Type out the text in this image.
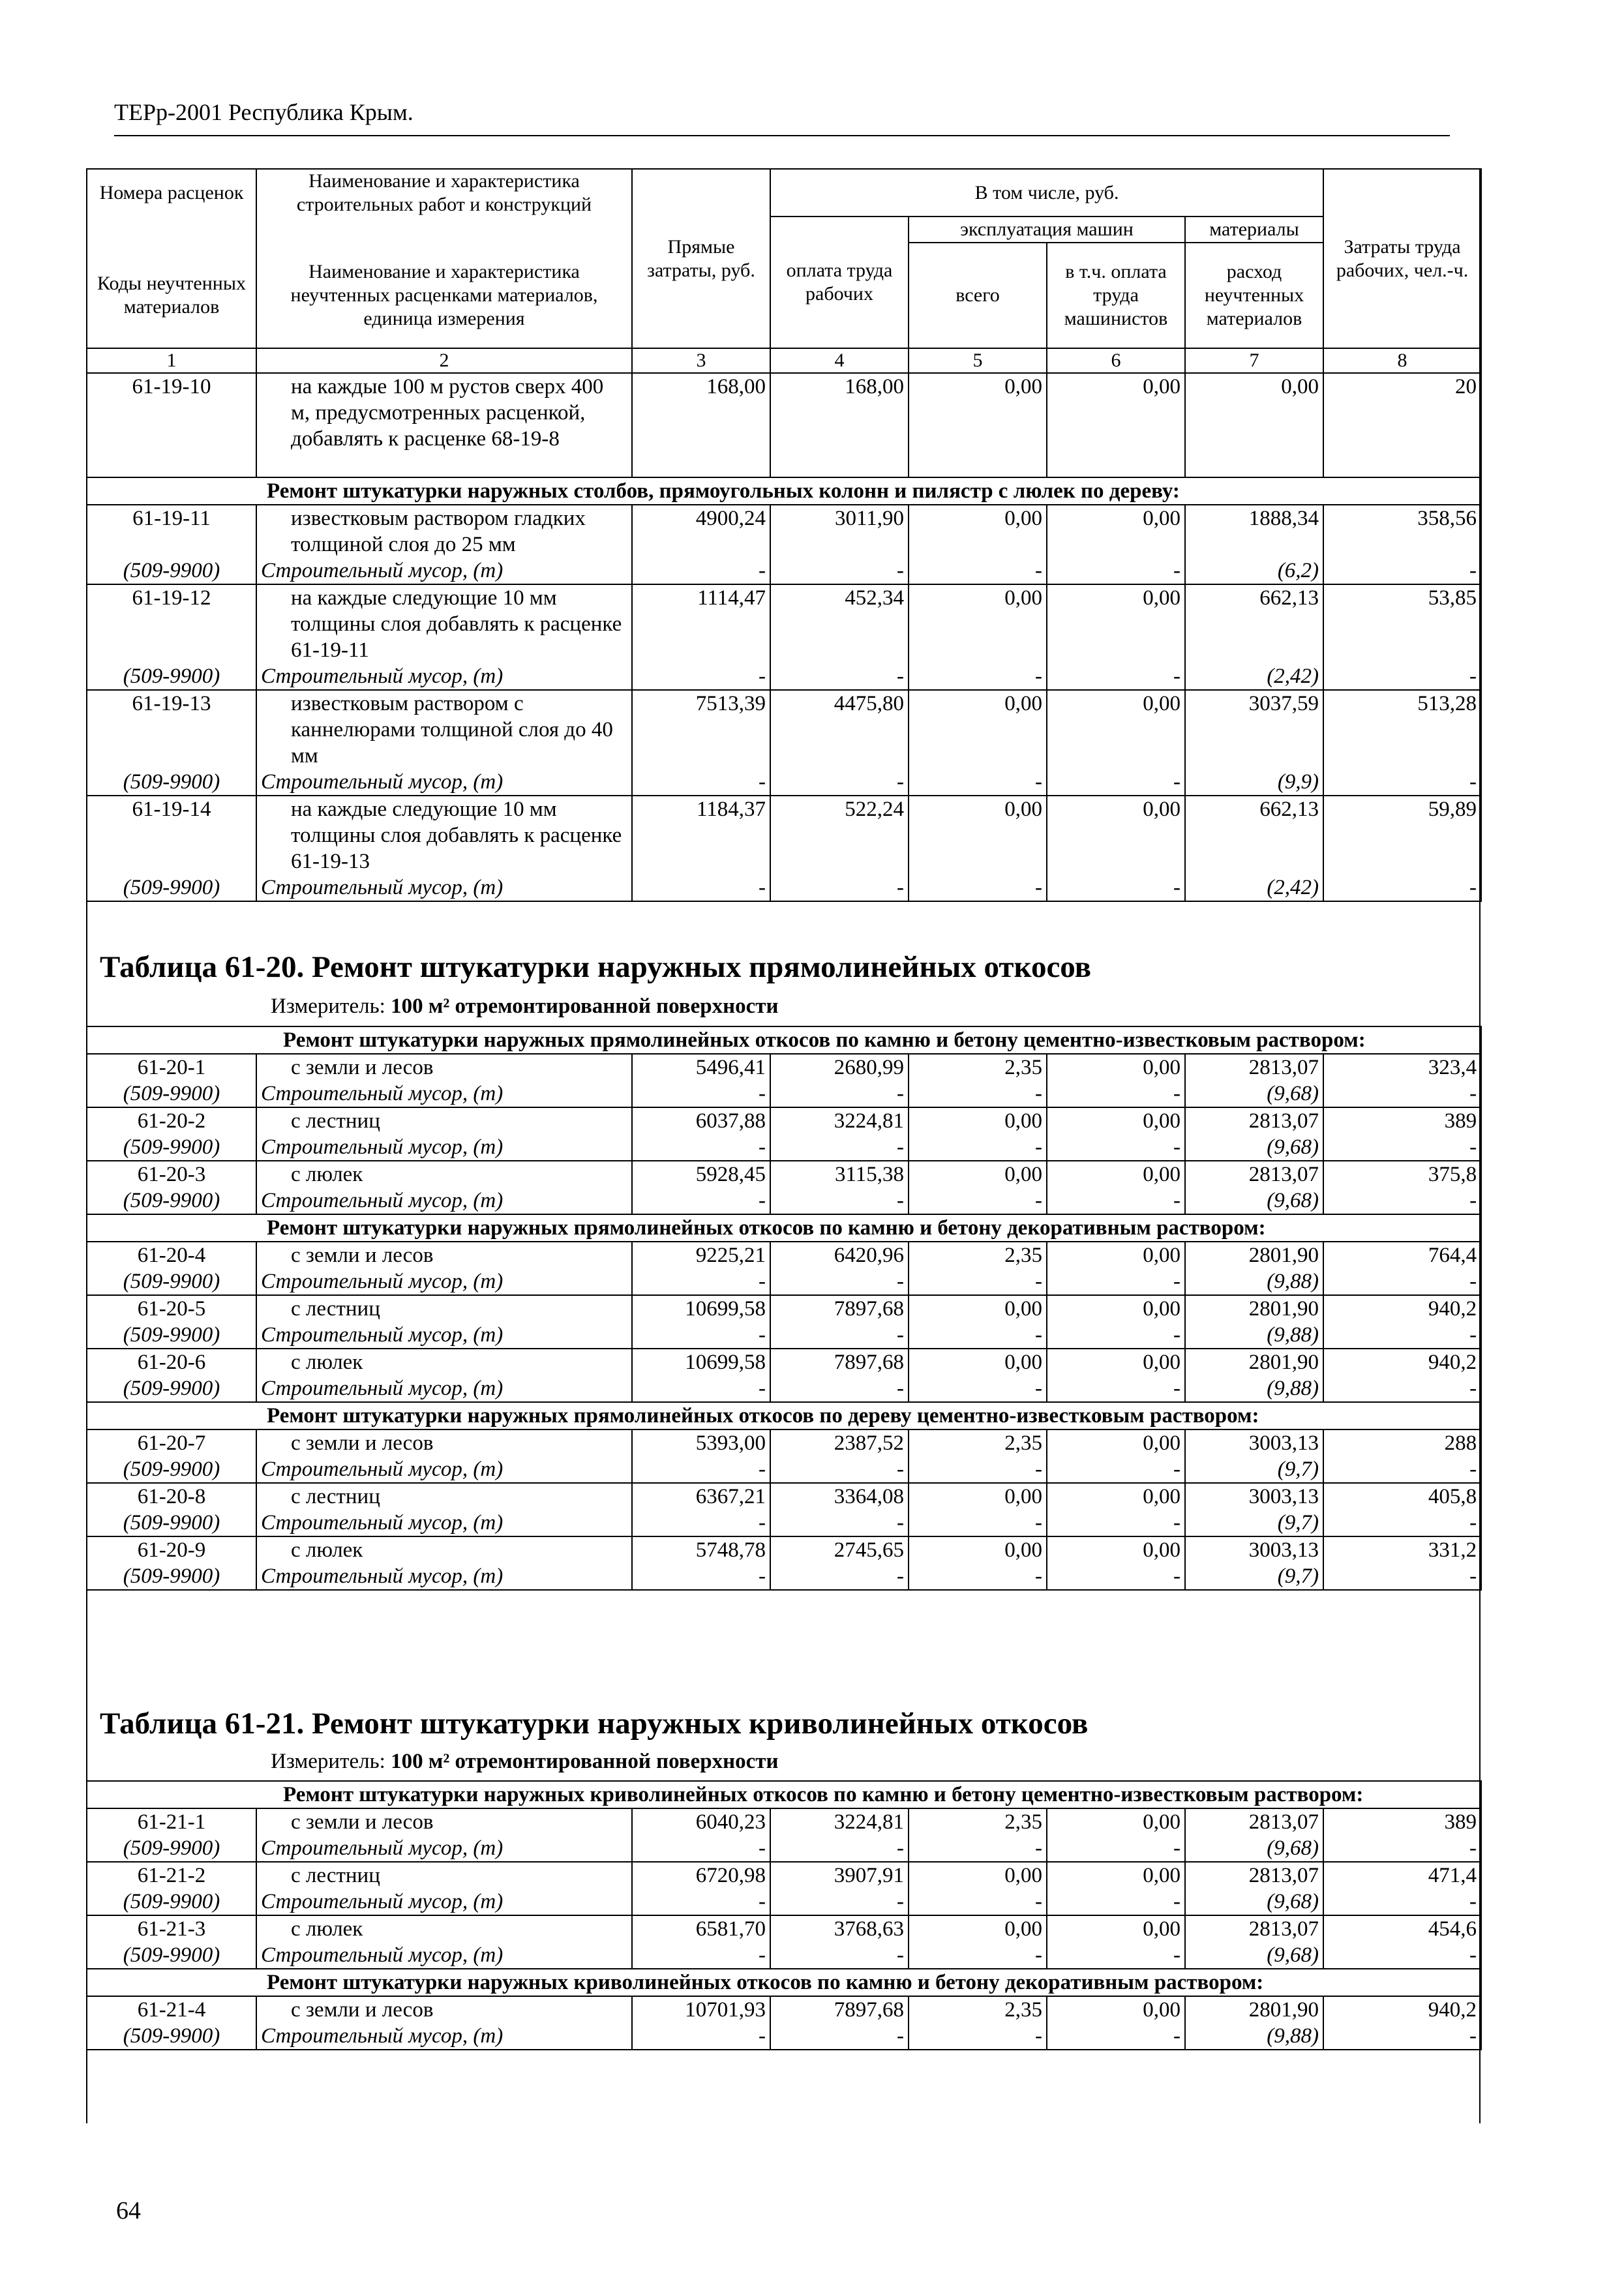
ТЕРр-2001 Республика Крым.
Номера расценок	Наименование и характеристика строительных работ и конструкций	Прямые затраты, руб.	В том числе, руб.				Затраты труда рабочих, чел.-ч.
			оплата труда рабочих	эксплуатация машин		материалы	
Коды неучтенных материалов	Наименование и характеристика неучтенных расценками материалов, единица измерения			всего	в т.ч. оплата труда машинистов	расход неучтенных материалов	
1	2	3	4	5	6	7	8
61-19-10	на каждые 100 м рустов сверх 400 м, предусмотренных расценкой, добавлять к расценке 68-19-8	168,00	168,00	0,00	0,00	0,00	20
Ремонт штукатурки наружных столбов, прямоугольных колонн и пилястр с люлек по дереву:							
61-19-11	известковым раствором гладких толщиной слоя до 25 мм	4900,24	3011,90	0,00	0,00	1888,34	358,56
(509-9900)	Строительный мусор, (т)	-	-	-	-	(6,2)	-
61-19-12	на каждые следующие 10 мм толщины слоя добавлять к расценке 61-19-11	1114,47	452,34	0,00	0,00	662,13	53,85
(509-9900)	Строительный мусор, (т)	-	-	-	-	(2,42)	-
61-19-13	известковым раствором с каннелюрами толщиной слоя до 40 мм	7513,39	4475,80	0,00	0,00	3037,59	513,28
(509-9900)	Строительный мусор, (т)	-	-	-	-	(9,9)	-
61-19-14	на каждые следующие 10 мм толщины слоя добавлять к расценке 61-19-13	1184,37	522,24	0,00	0,00	662,13	59,89
(509-9900)	Строительный мусор, (т)	-	-	-	-	(2,42)	-
Таблица 61-20. Ремонт штукатурки наружных прямолинейных откосов
Измеритель: 100 м² отремонтированной поверхности
Ремонт штукатурки наружных прямолинейных откосов по камню и бетону цементно-известковым раствором:							
61-20-1	с земли и лесов	5496,41	2680,99	2,35	0,00	2813,07	323,4
(509-9900)	Строительный мусор, (т)	-	-	-	-	(9,68)	-
61-20-2	с лестниц	6037,88	3224,81	0,00	0,00	2813,07	389
(509-9900)	Строительный мусор, (т)	-	-	-	-	(9,68)	-
61-20-3	с люлек	5928,45	3115,38	0,00	0,00	2813,07	375,8
(509-9900)	Строительный мусор, (т)	-	-	-	-	(9,68)	-
Ремонт штукатурки наружных прямолинейных откосов по камню и бетону декоративным раствором:							
61-20-4	с земли и лесов	9225,21	6420,96	2,35	0,00	2801,90	764,4
(509-9900)	Строительный мусор, (т)	-	-	-	-	(9,88)	-
61-20-5	с лестниц	10699,58	7897,68	0,00	0,00	2801,90	940,2
(509-9900)	Строительный мусор, (т)	-	-	-	-	(9,88)	-
61-20-6	с люлек	10699,58	7897,68	0,00	0,00	2801,90	940,2
(509-9900)	Строительный мусор, (т)	-	-	-	-	(9,88)	-
Ремонт штукатурки наружных прямолинейных откосов по дереву цементно-известковым раствором:							
61-20-7	с земли и лесов	5393,00	2387,52	2,35	0,00	3003,13	288
(509-9900)	Строительный мусор, (т)	-	-	-	-	(9,7)	-
61-20-8	с лестниц	6367,21	3364,08	0,00	0,00	3003,13	405,8
(509-9900)	Строительный мусор, (т)	-	-	-	-	(9,7)	-
61-20-9	с люлек	5748,78	2745,65	0,00	0,00	3003,13	331,2
(509-9900)	Строительный мусор, (т)	-	-	-	-	(9,7)	-
Таблица 61-21. Ремонт штукатурки наружных криволинейных откосов
Измеритель: 100 м² отремонтированной поверхности
Ремонт штукатурки наружных криволинейных откосов по камню и бетону цементно-известковым раствором:							
61-21-1	с земли и лесов	6040,23	3224,81	2,35	0,00	2813,07	389
(509-9900)	Строительный мусор, (т)	-	-	-	-	(9,68)	-
61-21-2	с лестниц	6720,98	3907,91	0,00	0,00	2813,07	471,4
(509-9900)	Строительный мусор, (т)	-	-	-	-	(9,68)	-
61-21-3	с люлек	6581,70	3768,63	0,00	0,00	2813,07	454,6
(509-9900)	Строительный мусор, (т)	-	-	-	-	(9,68)	-
Ремонт штукатурки наружных криволинейных откосов по камню и бетону декоративным раствором:							
61-21-4	с земли и лесов	10701,93	7897,68	2,35	0,00	2801,90	940,2
(509-9900)	Строительный мусор, (т)	-	-	-	-	(9,88)	-
64
